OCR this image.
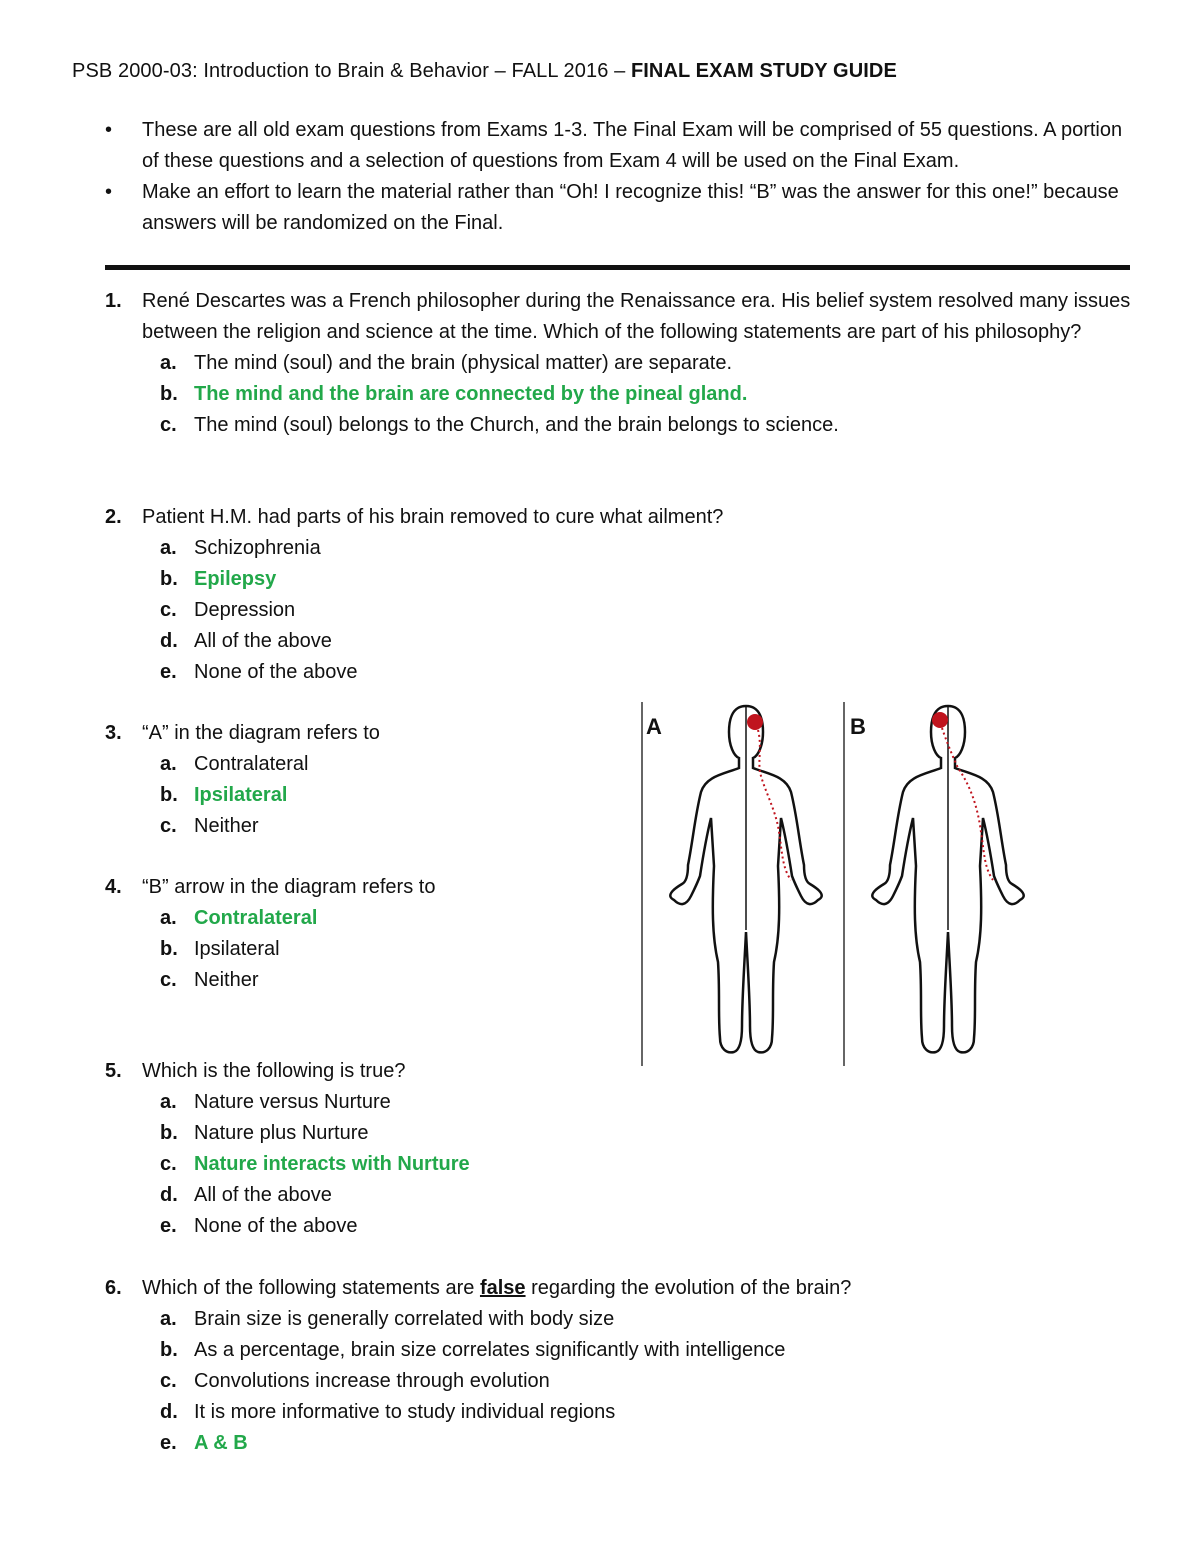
PSB 2000-03: Introduction to Brain & Behavior – FALL 2016 – FINAL EXAM STUDY GUIDE
• These are all old exam questions from Exams 1-3. The Final Exam will be comprised of 55 questions. A portion of these questions and a selection of questions from Exam 4 will be used on the Final Exam.
• Make an effort to learn the material rather than “Oh! I recognize this! “B” was the answer for this one!” because answers will be randomized on the Final.
1. René Descartes was a French philosopher during the Renaissance era. His belief system resolved many issues between the religion and science at the time. Which of the following statements are part of his philosophy?
a. The mind (soul) and the brain (physical matter) are separate.
b. The mind and the brain are connected by the pineal gland.
c. The mind (soul) belongs to the Church, and the brain belongs to science.
2. Patient H.M. had parts of his brain removed to cure what ailment?
a. Schizophrenia
b. Epilepsy
c. Depression
d. All of the above
e. None of the above
3. “A” in the diagram refers to
a. Contralateral
b. Ipsilateral
c. Neither
4. “B” arrow in the diagram refers to
a. Contralateral
b. Ipsilateral
c. Neither
5. Which is the following is true?
a. Nature versus Nurture
b. Nature plus Nurture
c. Nature interacts with Nurture
d. All of the above
e. None of the above
6. Which of the following statements are false regarding the evolution of the brain?
a. Brain size is generally correlated with body size
b. As a percentage, brain size correlates significantly with intelligence
c. Convolutions increase through evolution
d. It is more informative to study individual regions
e. A & B
A	B
